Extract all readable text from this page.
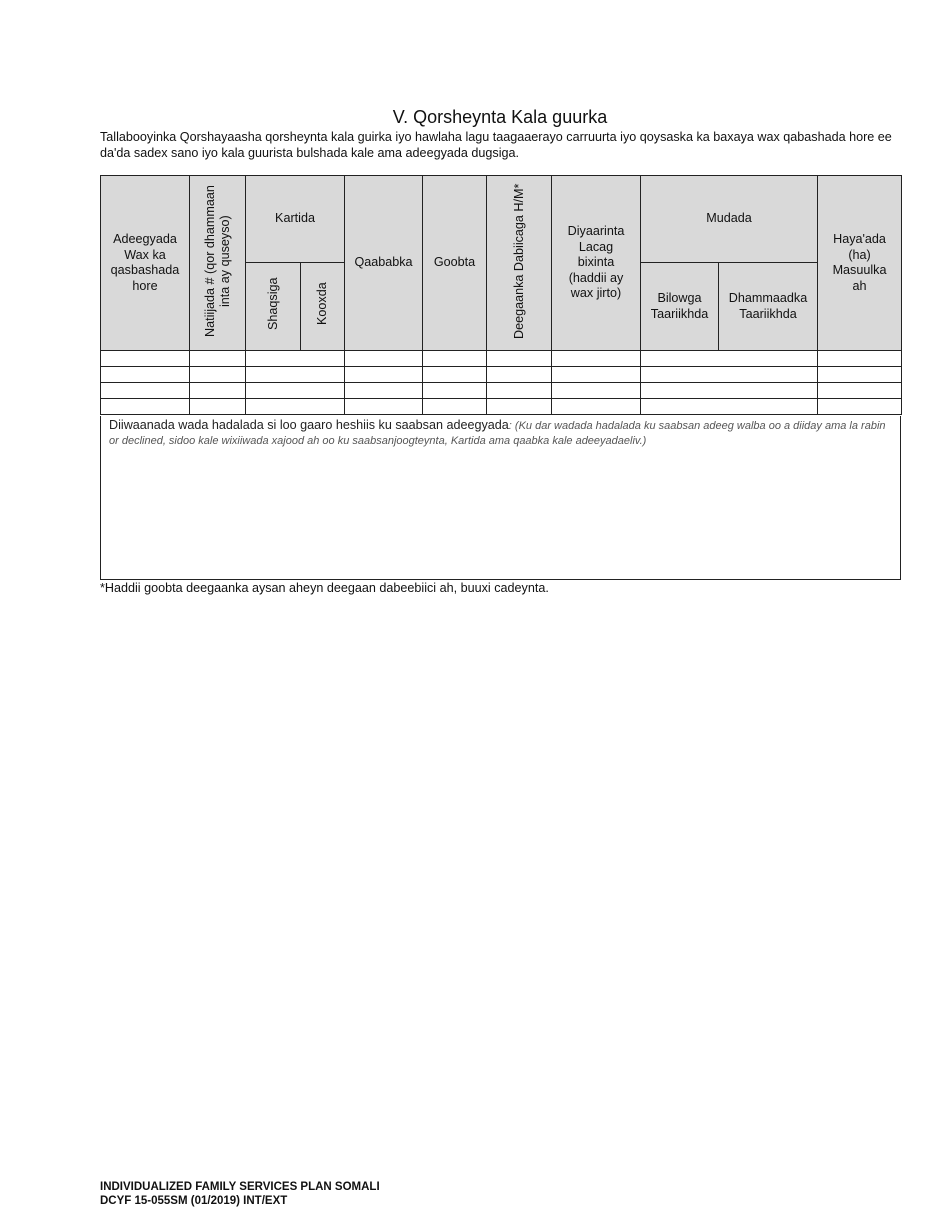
V. Qorsheynta Kala guurka
Tallabooyinka Qorshayaasha qorsheynta kala guirka iyo hawlaha lagu taagaaerayo carruurta iyo qoysaska ka baxaya wax qabashada hore ee da'da sadex sano iyo kala guurista bulshada kale ama adeegyada dugsiga.
Adeegyada Wax ka qasbashada hore	Natiijada # (qor dhammaan inta ay quseyso)	Kartida		Qaababka	Goobta	Deegaanka Dabiicaga H/M*	Diyaarinta Lacag bixinta (haddii ay wax jirto)	Mudada		Haya'ada (ha) Masuulka ah
		Shaqsiga	Kooxda					Bilowga Taariikhda	Dhammaadka Taariikhda	

Diiwaanada wada hadalada si loo gaaro heshiis ku saabsan adeegyada: (Ku dar wadada hadalada ku saabsan adeeg walba oo a diiday ama la rabin or declined, sidoo kale wixiiwada xajood ah oo ku saabsanjoogteynta, Kartida ama qaabka kale adeeyadaeliv.)
*Haddii goobta deegaanka aysan aheyn deegaan dabeebiici ah, buuxi cadeynta.
INDIVIDUALIZED FAMILY SERVICES PLAN SOMALI
DCYF 15-055SM (01/2019) INT/EXT
